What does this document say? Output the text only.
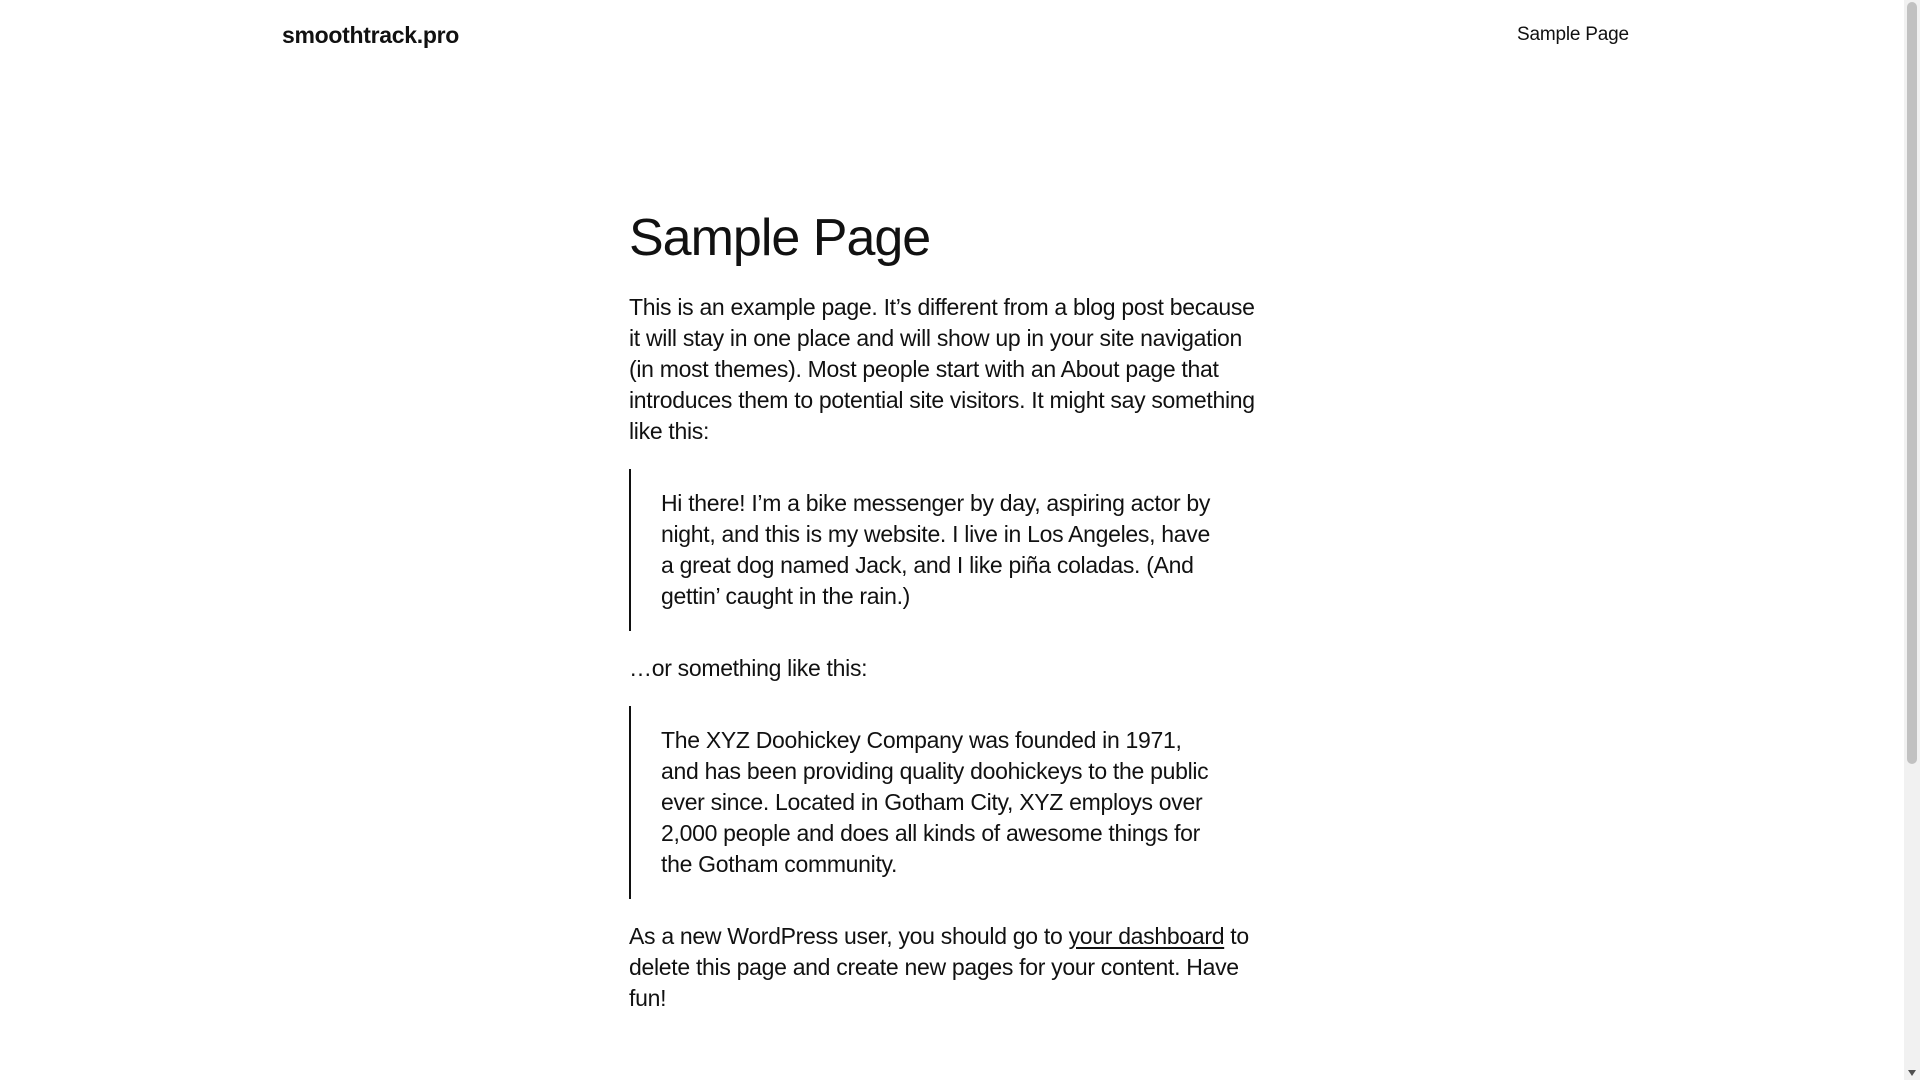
smoothtrack.pro	Sample Page
Sample Page

This is an example page. It’s different from a blog post because it will stay in one place and will show up in your site navigation (in most themes). Most people start with an About page that introduces them to potential site visitors. It might say something like this:

Hi there! I’m a bike messenger by day, aspiring actor by night, and this is my website. I live in Los Angeles, have a great dog named Jack, and I like piña coladas. (And gettin’ caught in the rain.)

…or something like this:

The XYZ Doohickey Company was founded in 1971, and has been providing quality doohickeys to the public ever since. Located in Gotham City, XYZ employs over 2,000 people and does all kinds of awesome things for the Gotham community.

As a new WordPress user, you should go to your dashboard to delete this page and create new pages for your content. Have fun!
